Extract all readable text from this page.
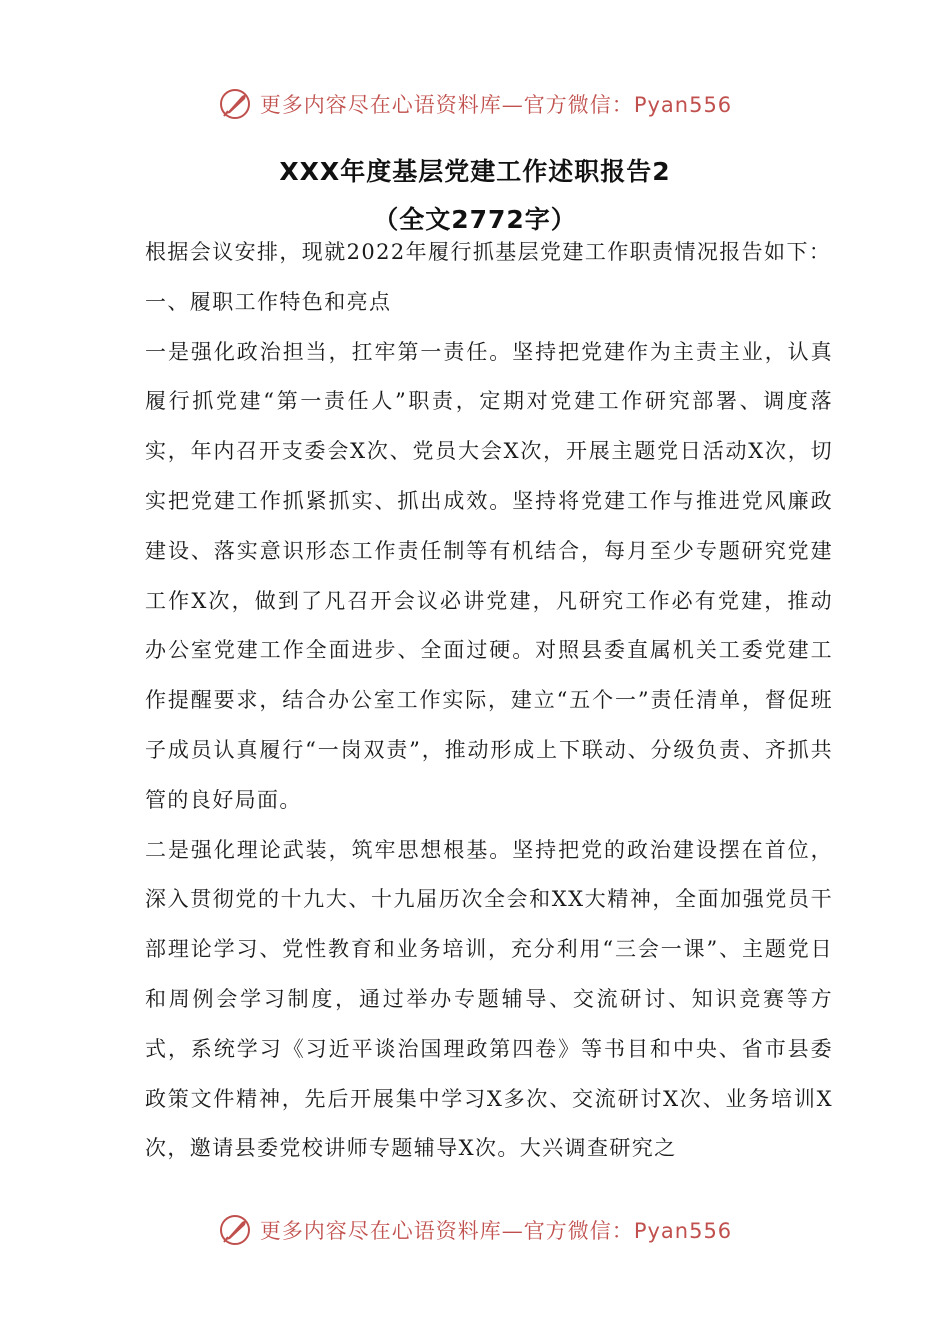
更多内容尽在心语资料库—官方微信：Pyan556
XXX年度基层党建工作述职报告2
（全文2772字）

根据会议安排，现就2022年履行抓基层党建工作职责情况报告如下：

一、履职工作特色和亮点

一是强化政治担当，扛牢第一责任。坚持把党建作为主责主业，认真履行抓党建“第一责任人”职责，定期对党建工作研究部署、调度落实，年内召开支委会X次、党员大会X次，开展主题党日活动X次，切实把党建工作抓紧抓实、抓出成效。坚持将党建工作与推进党风廉政建设、落实意识形态工作责任制等有机结合，每月至少专题研究党建工作X次，做到了凡召开会议必讲党建，凡研究工作必有党建，推动办公室党建工作全面进步、全面过硬。对照县委直属机关工委党建工作提醒要求，结合办公室工作实际，建立“五个一”责任清单，督促班子成员认真履行“一岗双责”，推动形成上下联动、分级负责、齐抓共管的良好局面。

二是强化理论武装，筑牢思想根基。坚持把党的政治建设摆在首位，深入贯彻党的十九大、十九届历次全会和XX大精神，全面加强党员干部理论学习、党性教育和业务培训，充分利用“三会一课”、主题党日和周例会学习制度，通过举办专题辅导、交流研讨、知识竞赛等方式，系统学习《习近平谈治国理政第四卷》等书目和中央、省市县委政策文件精神，先后开展集中学习X多次、交流研讨X次、业务培训X次，邀请县委党校讲师专题辅导X次。大兴调查研究之

更多内容尽在心语资料库—官方微信：Pyan556
